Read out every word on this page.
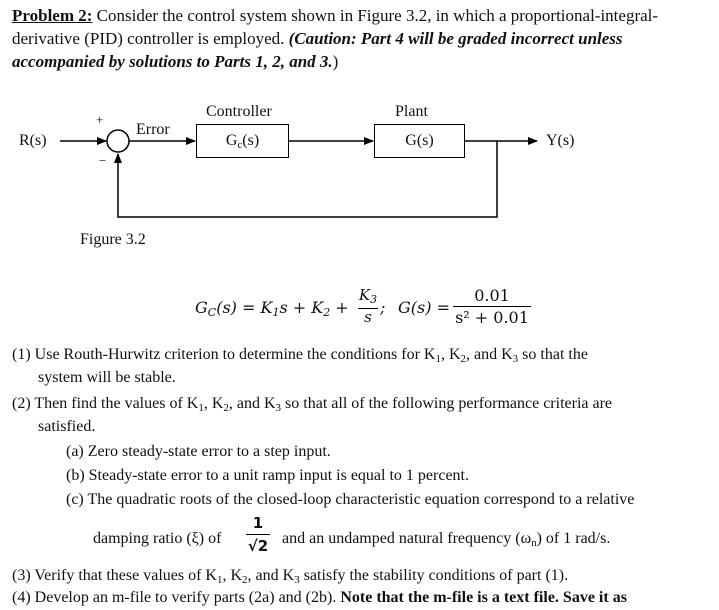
Problem 2: Consider the control system shown in Figure 3.2, in which a proportional-integral-derivative (PID) controller is employed. (Caution: Part 4 will be graded incorrect unless accompanied by solutions to Parts 1, 2, and 3.)
$G_c(s)$	G(s)
R(s)
+
−
Error
Controller	Plant
Y(s)
Figure 3.2
$G_C(s) = K_1s + K_2 + \frac{K_3}{s}$ ; $G(s) = \frac{0.01}{\text{s² + 0.01}}$
(1) Use Routh-Hurwitz criterion to determine the conditions for $K_1$, $K_2$, and $K_3$ so that the
system will be stable.
(2) Then find the values of $K_1$, $K_2$, and $K_3$ so that all of the following performance criteria are
satisfied.
(a) Zero steady-state error to a step input.
(b) Steady-state error to a unit ramp input is equal to 1 percent.
(c) The quadratic roots of the closed-loop characteristic equation correspond to a relative
damping ratio (ξ) of $\frac{1}{√2}$ and an undamped natural frequency $(\omega_n)$ of 1 rad/s.
(3) Verify that these values of $K_1$, $K_2$, and $K_3$ satisfy the stability conditions of part (1).
(4) Develop an m-file to verify parts (2a) and (2b). Note that the m-file is a text file. Save it as
